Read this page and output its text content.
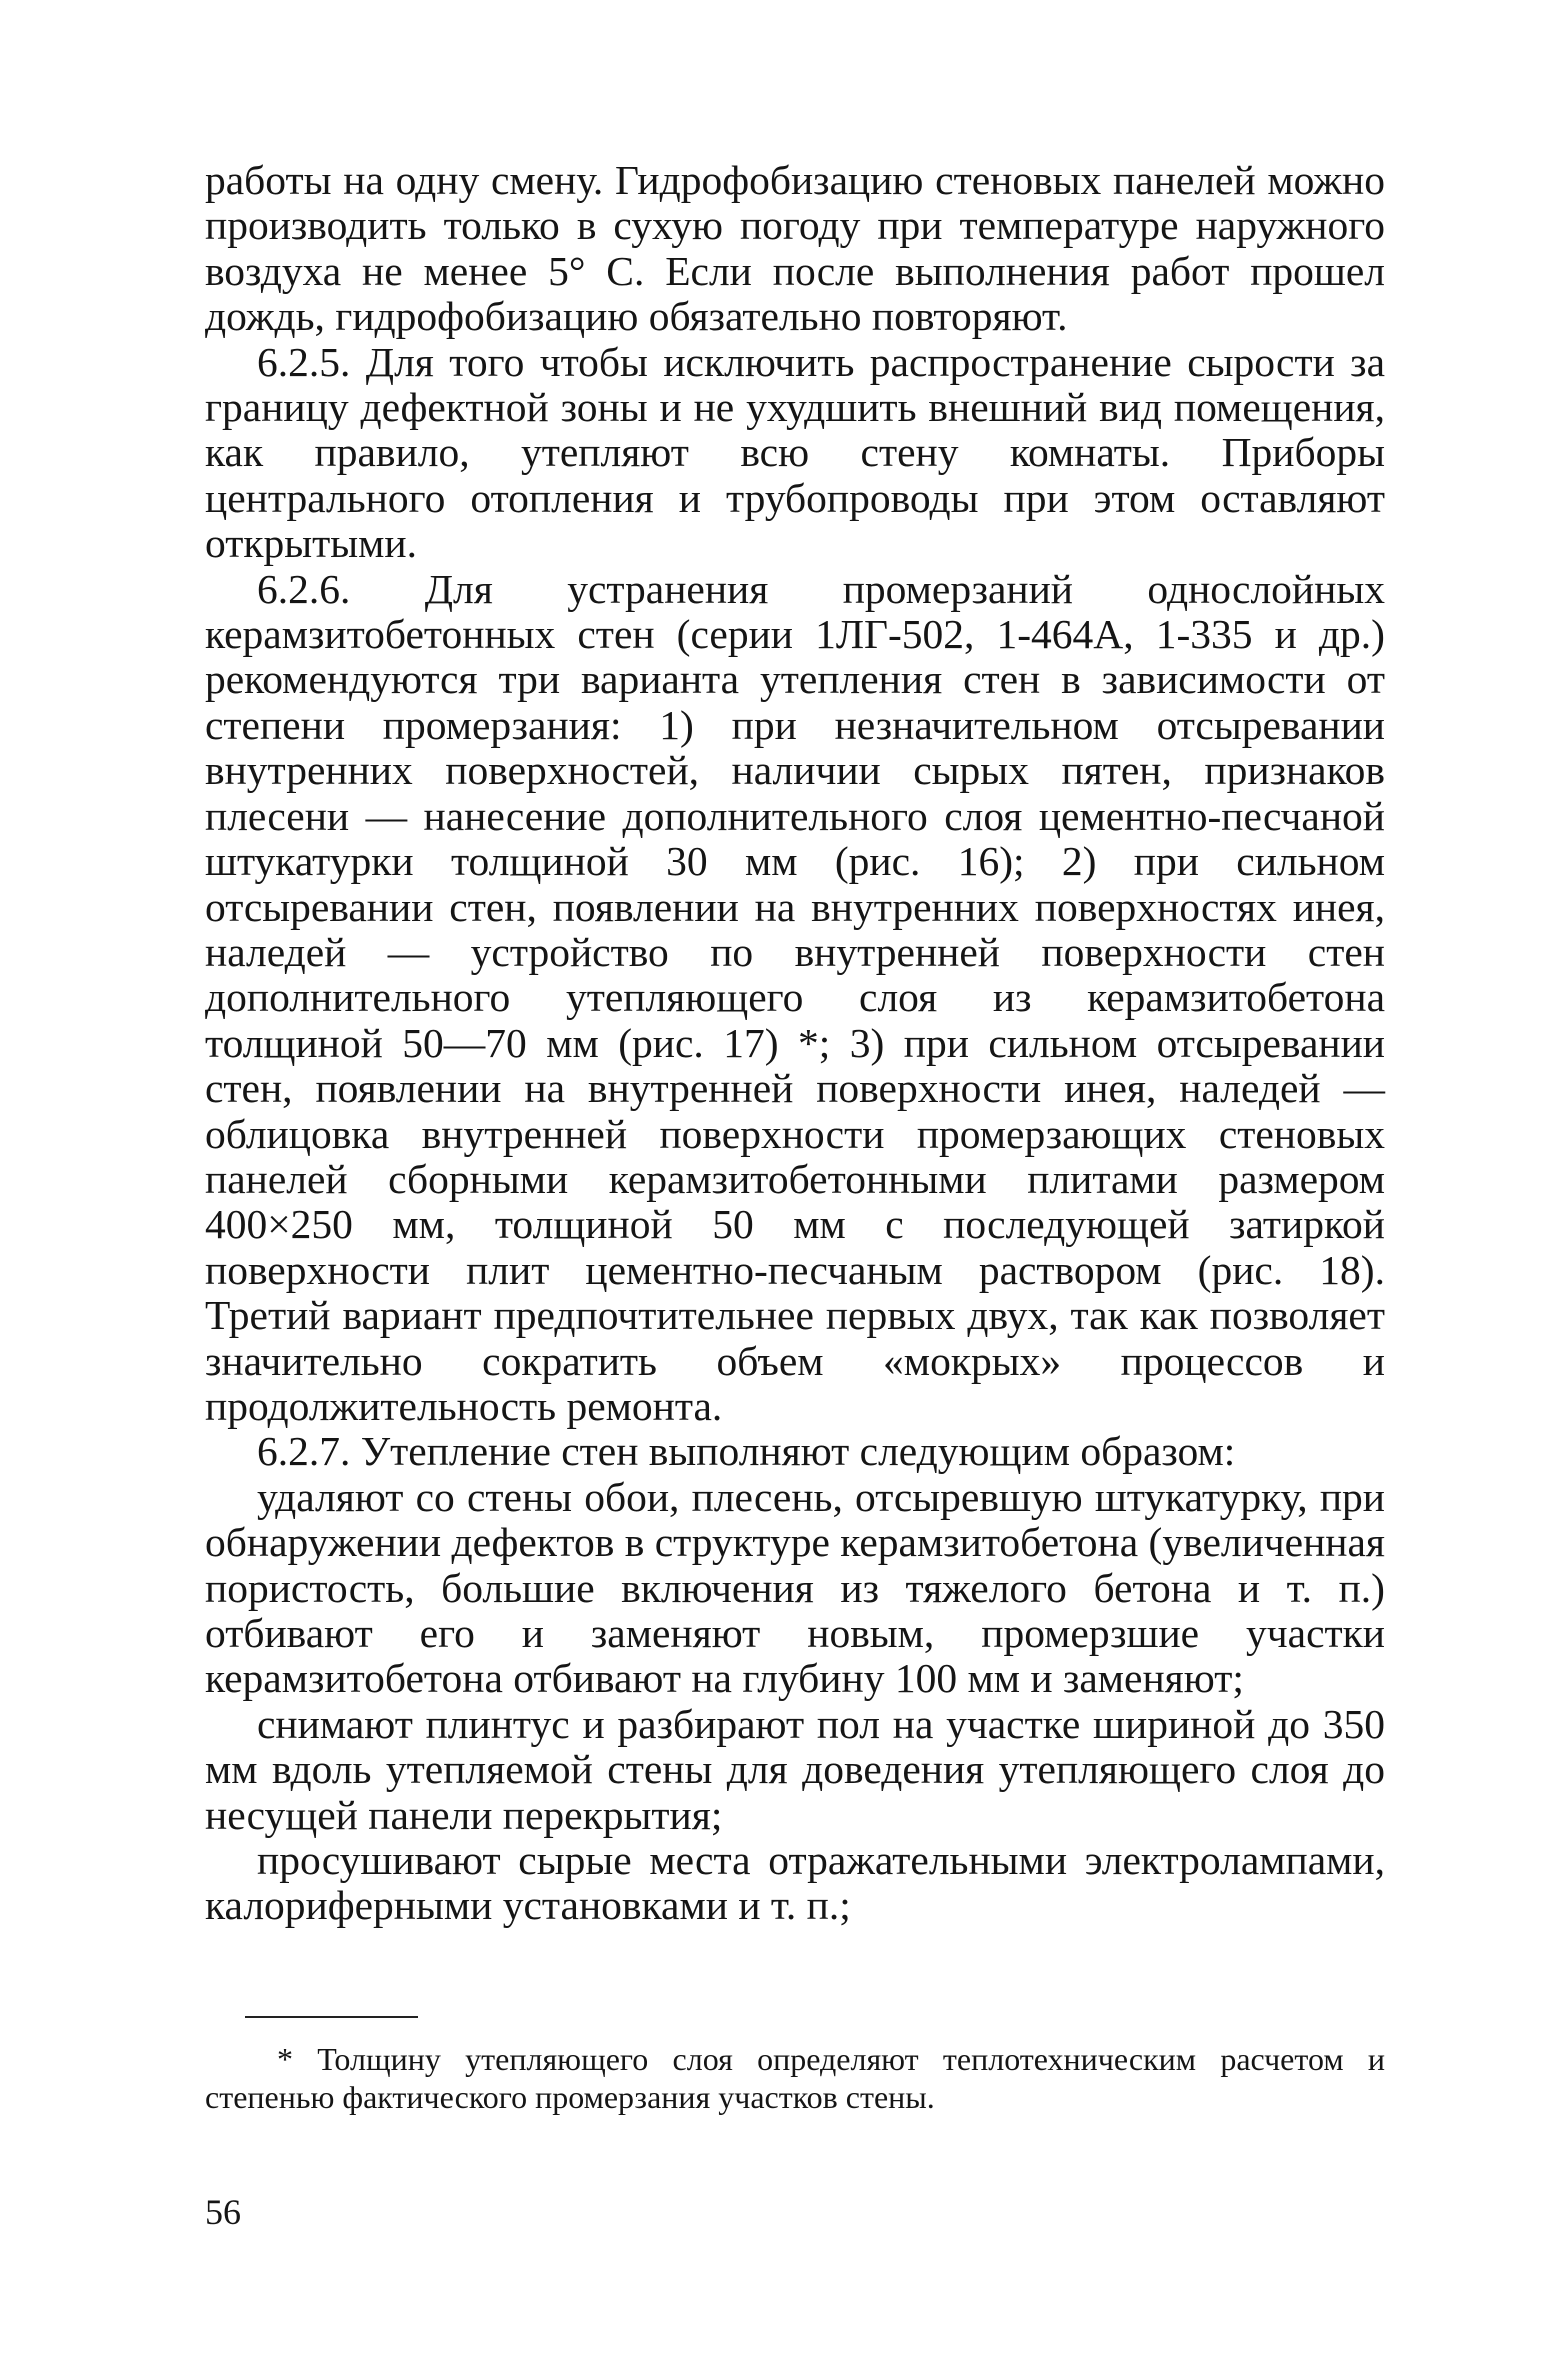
работы на одну смену. Гидрофобизацию стеновых панелей можно производить только в сухую погоду при температуре наружного воздуха не менее 5° С. Если после выполнения работ прошел дождь, гидрофобизацию обязательно повторяют.

6.2.5. Для того чтобы исключить распространение сырости за границу дефектной зоны и не ухудшить внешний вид помещения, как правило, утепляют всю стену комнаты. Приборы центрального отопления и трубопроводы при этом оставляют открытыми.

6.2.6. Для устранения промерзаний однослойных керамзитобетонных стен (серии 1ЛГ-502, 1-464А, 1-335 и др.) рекомендуются три варианта утепления стен в зависимости от степени промерзания: 1) при незначительном отсыревании внутренних поверхностей, наличии сырых пятен, признаков плесени — нанесение дополнительного слоя цементно-песчаной штукатурки толщиной 30 мм (рис. 16); 2) при сильном отсыревании стен, появлении на внутренних поверхностях инея, наледей — устройство по внутренней поверхности стен дополнительного утепляющего слоя из керамзитобетона толщиной 50—70 мм (рис. 17) *; 3) при сильном отсыревании стен, появлении на внутренней поверхности инея, наледей — облицовка внутренней поверхности промерзающих стеновых панелей сборными керамзитобетонными плитами размером 400×250 мм, толщиной 50 мм с последующей затиркой поверхности плит цементно-песчаным раствором (рис. 18). Третий вариант предпочтительнее первых двух, так как позволяет значительно сократить объем «мокрых» процессов и продолжительность ремонта.

6.2.7. Утепление стен выполняют следующим образом:

удаляют со стены обои, плесень, отсыревшую штукатурку, при обнаружении дефектов в структуре керамзитобетона (увеличенная пористость, большие включения из тяжелого бетона и т. п.) отбивают его и заменяют новым, промерзшие участки керамзитобетона отбивают на глубину 100 мм и заменяют;

снимают плинтус и разбирают пол на участке шириной до 350 мм вдоль утепляемой стены для доведения утепляющего слоя до несущей панели перекрытия;

просушивают сырые места отражательными электролампами, калориферными установками и т. п.;

* Толщину утепляющего слоя определяют теплотехническим расчетом и степенью фактического промерзания участков стены.

56
